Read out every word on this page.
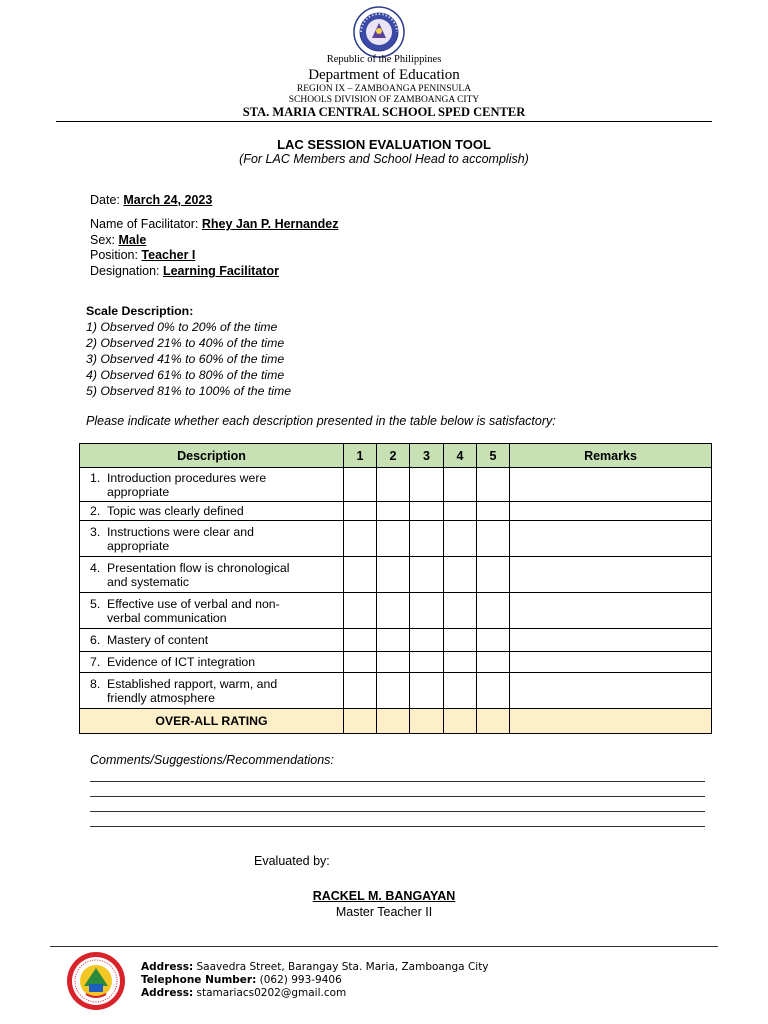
Republic of the Philippines
Department of Education
REGION IX – ZAMBOANGA PENINSULA
SCHOOLS DIVISION OF ZAMBOANGA CITY
STA. MARIA CENTRAL SCHOOL SPED CENTER
LAC SESSION EVALUATION TOOL
(For LAC Members and School Head to accomplish)
Date: March 24, 2023
Name of Facilitator: Rhey Jan P. Hernandez
Sex: Male
Position: Teacher I
Designation: Learning Facilitator
Scale Description:
1) Observed 0% to 20% of the time
2) Observed 21% to 40% of the time
3) Observed 41% to 60% of the time
4) Observed 61% to 80% of the time
5) Observed 81% to 100% of the time
Please indicate whether each description presented in the table below is satisfactory:
Description	1	2	3	4	5	Remarks

1. Introduction procedures were
appropriate						

2. Topic was clearly defined						

3. Instructions were clear and
appropriate						

4. Presentation flow is chronological
and systematic						

5. Effective use of verbal and non-
verbal communication						

6. Mastery of content						

7. Evidence of ICT integration						

8. Established rapport, warm, and
friendly atmosphere						

OVER-ALL RATING						
Comments/Suggestions/Recommendations:
Evaluated by:
RACKEL M. BANGAYAN
Master Teacher II
Address: Saavedra Street, Barangay Sta. Maria, Zamboanga City
Telephone Number: (062) 993-9406
Address: stamariacs0202@gmail.com
